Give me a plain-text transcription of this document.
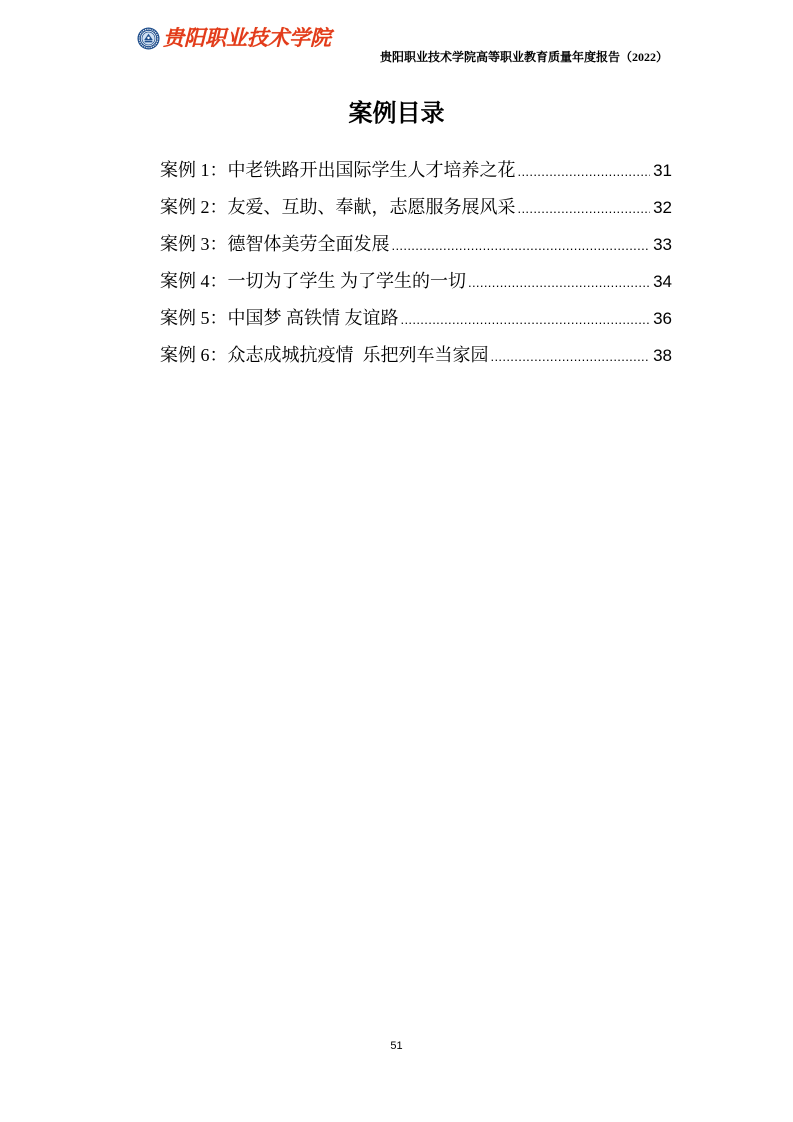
贵阳职业技术学院
贵阳职业技术学院高等职业教育质量年度报告（2022）
案例目录
案例 1： 中老铁路开出国际学生人才培养之花 .....	31
案例 2： 友爱、互助、奉献，志愿服务展风采 .....	32
案例 3： 德智体美劳全面发展 .....	33
案例 4： 一切为了学生 为了学生的一切 .....	34
案例 5： 中国梦 高铁情 友谊路 .....	36
案例 6： 众志成城抗疫情  乐把列车当家园 .....	38
51
